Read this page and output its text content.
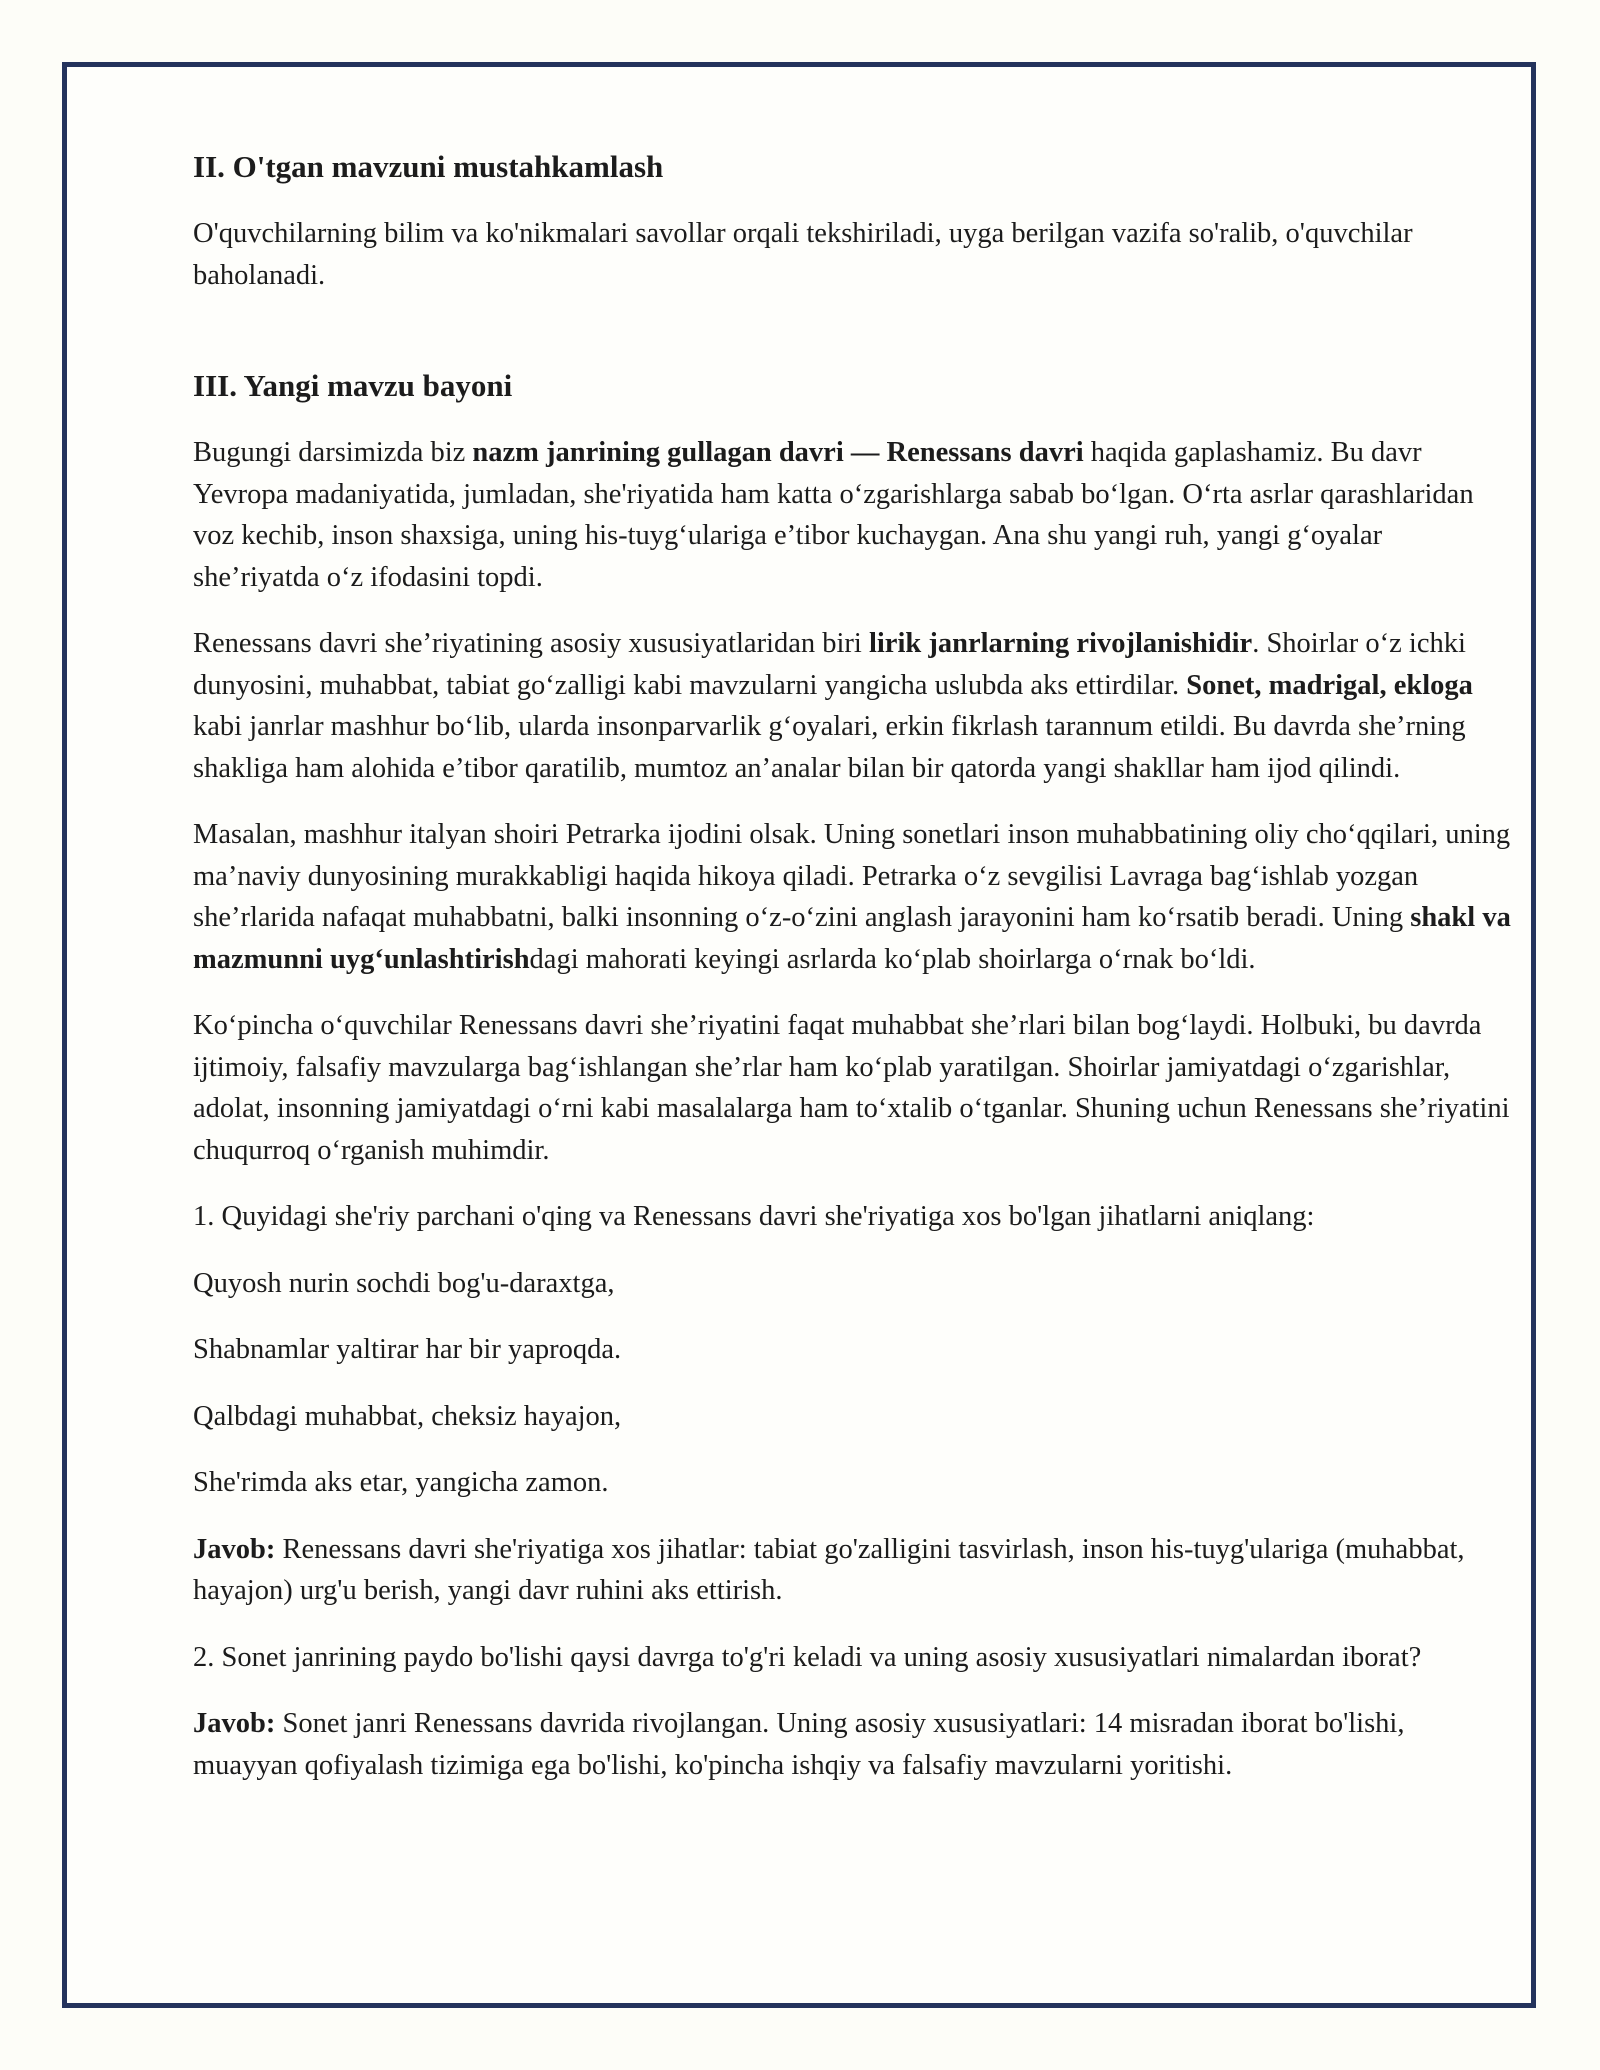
II. O'tgan mavzuni mustahkamlash

O'quvchilarning bilim va ko'nikmalari savollar orqali tekshiriladi, uyga berilgan vazifa so'ralib, o'quvchilar baholanadi.

III. Yangi mavzu bayoni

Bugungi darsimizda biz nazm janrining gullagan davri — Renessans davri haqida gaplashamiz. Bu davr Yevropa madaniyatida, jumladan, she'riyatida ham katta o‘zgarishlarga sabab bo‘lgan. O‘rta asrlar qarashlaridan voz kechib, inson shaxsiga, uning his-tuyg‘ulariga e’tibor kuchaygan. Ana shu yangi ruh, yangi g‘oyalar she’riyatda o‘z ifodasini topdi.

Renessans davri she’riyatining asosiy xususiyatlaridan biri lirik janrlarning rivojlanishidir. Shoirlar o‘z ichki dunyosini, muhabbat, tabiat go‘zalligi kabi mavzularni yangicha uslubda aks ettirdilar. Sonet, madrigal, ekloga kabi janrlar mashhur bo‘lib, ularda insonparvarlik g‘oyalari, erkin fikrlash tarannum etildi. Bu davrda she’rning shakliga ham alohida e’tibor qaratilib, mumtoz an’analar bilan bir qatorda yangi shakllar ham ijod qilindi.

Masalan, mashhur italyan shoiri Petrarka ijodini olsak. Uning sonetlari inson muhabbatining oliy cho‘qqilari, uning ma’naviy dunyosining murakkabligi haqida hikoya qiladi. Petrarka o‘z sevgilisi Lavraga bag‘ishlab yozgan she’rlarida nafaqat muhabbatni, balki insonning o‘z-o‘zini anglash jarayonini ham ko‘rsatib beradi. Uning shakl va mazmunni uyg‘unlashtirishdagi mahorati keyingi asrlarda ko‘plab shoirlarga o‘rnak bo‘ldi.

Ko‘pincha o‘quvchilar Renessans davri she’riyatini faqat muhabbat she’rlari bilan bog‘laydi. Holbuki, bu davrda ijtimoiy, falsafiy mavzularga bag‘ishlangan she’rlar ham ko‘plab yaratilgan. Shoirlar jamiyatdagi o‘zgarishlar, adolat, insonning jamiyatdagi o‘rni kabi masalalarga ham to‘xtalib o‘tganlar. Shuning uchun Renessans she’riyatini chuqurroq o‘rganish muhimdir.

1. Quyidagi she'riy parchani o'qing va Renessans davri she'riyatiga xos bo'lgan jihatlarni aniqlang:

Quyosh nurin sochdi bog'u-daraxtga,

Shabnamlar yaltirar har bir yaproqda.

Qalbdagi muhabbat, cheksiz hayajon,

She'rimda aks etar, yangicha zamon.

Javob: Renessans davri she'riyatiga xos jihatlar: tabiat go'zalligini tasvirlash, inson his-tuyg'ulariga (muhabbat, hayajon) urg'u berish, yangi davr ruhini aks ettirish.

2. Sonet janrining paydo bo'lishi qaysi davrga to'g'ri keladi va uning asosiy xususiyatlari nimalardan iborat?

Javob: Sonet janri Renessans davrida rivojlangan. Uning asosiy xususiyatlari: 14 misradan iborat bo'lishi, muayyan qofiyalash tizimiga ega bo'lishi, ko'pincha ishqiy va falsafiy mavzularni yoritishi.
